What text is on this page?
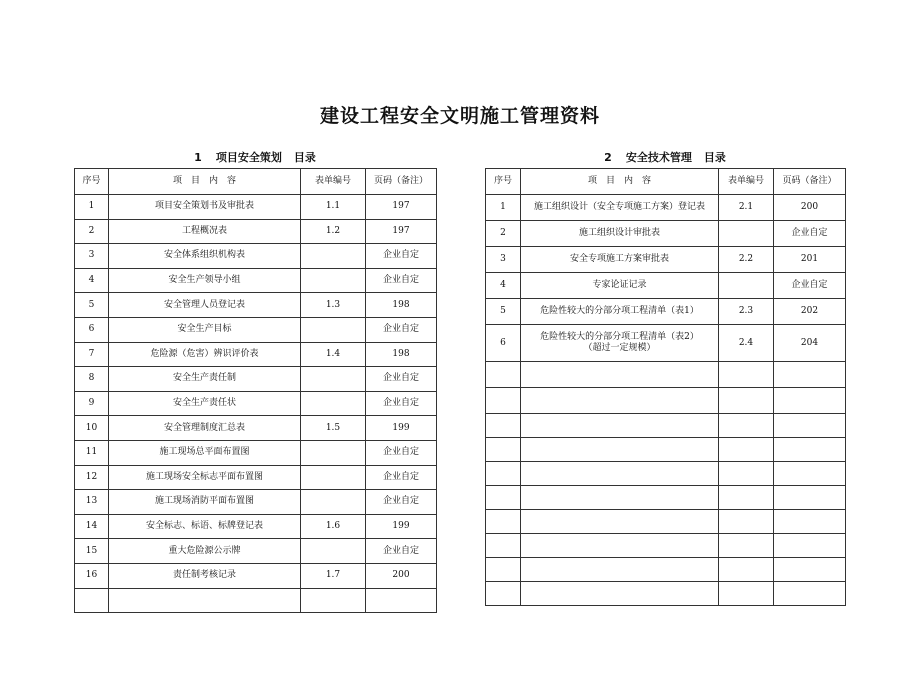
建设工程安全文明施工管理资料
1 项目安全策划 目录	2 安全技术管理 目录
序号	项　目　内　容	表单编号	页码（备注）
1	项目安全策划书及审批表	1.1	197
2	工程概况表	1.2	197
3	安全体系组织机构表		企业自定
4	安全生产领导小组		企业自定
5	安全管理人员登记表	1.3	198
6	安全生产目标		企业自定
7	危险源（危害）辨识评价表	1.4	198
8	安全生产责任制		企业自定
9	安全生产责任状		企业自定
10	安全管理制度汇总表	1.5	199
11	施工现场总平面布置图		企业自定
12	施工现场安全标志平面布置图		企业自定
13	施工现场消防平面布置图		企业自定
14	安全标志、标语、标牌登记表	1.6	199
15	重大危险源公示牌		企业自定
16	责任制考核记录	1.7	200

序号	项　目　内　容	表单编号	页码（备注）
1	施工组织设计（安全专项施工方案）登记表	2.1	200
2	施工组织设计审批表		企业自定
3	安全专项施工方案审批表	2.2	201
4	专家论证记录		企业自定
5	危险性较大的分部分项工程清单（表1）	2.3	202
6	危险性较大的分部分项工程清单（表2）
（超过一定规模）	2.4	204
